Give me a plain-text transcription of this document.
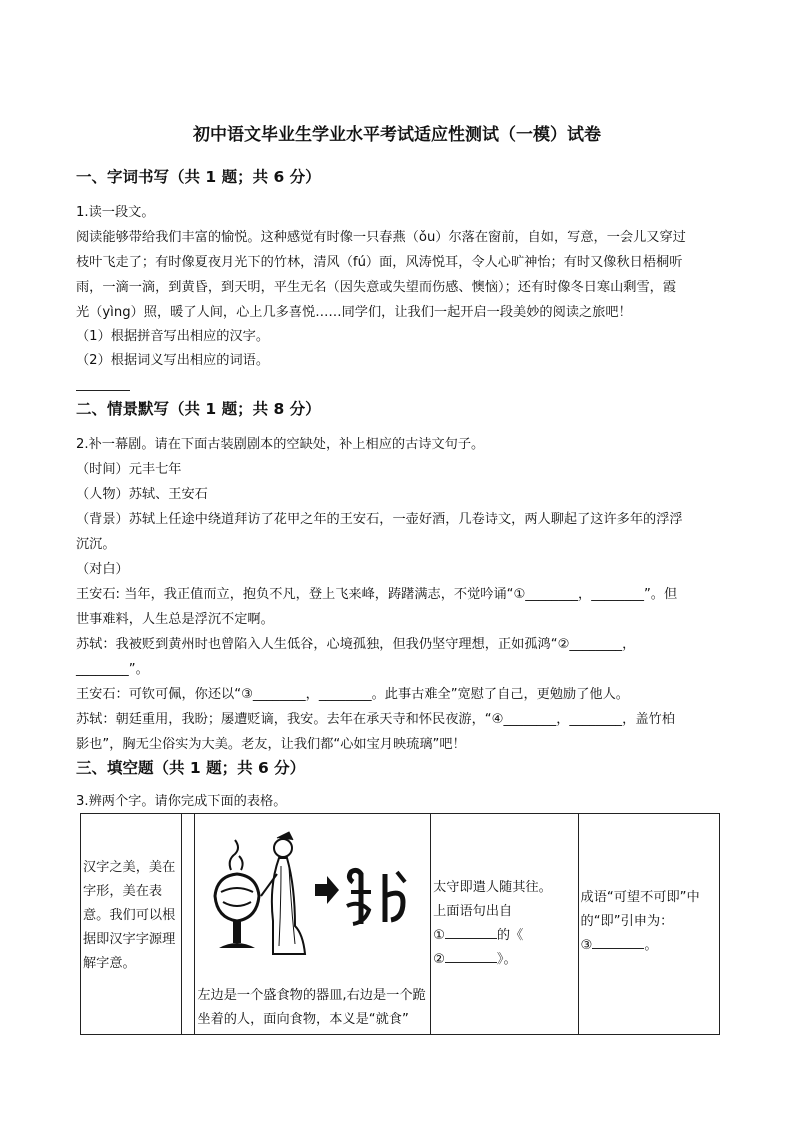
初中语文毕业生学业水平考试适应性测试（一模）试卷
一、字词书写（共 1 题；共 6 分）
1.读一段文。
阅读能够带给我们丰富的愉悦。这种感觉有时像一只春燕（ǒu）尔落在窗前，自如，写意，一会儿又穿过
枝叶飞走了；有时像夏夜月光下的竹林，清风（fú）面，风涛悦耳，令人心旷神怡；有时又像秋日梧桐听
雨，一滴一滴，到黄昏，到天明，平生无名（因失意或失望而伤感、懊恼）；还有时像冬日寒山剩雪，霞
光（yìng）照，暖了人间，心上几多喜悦……同学们，让我们一起开启一段美妙的阅读之旅吧！
（1）根据拼音写出相应的汉字。
（2）根据词义写出相应的词语。
二、情景默写（共 1 题；共 8 分）
2.补一幕剧。请在下面古装剧剧本的空缺处，补上相应的古诗文句子。
（时间）元丰七年
（人物）苏轼、王安石
（背景）苏轼上任途中绕道拜访了花甲之年的王安石，一壶好酒，几卷诗文，两人聊起了这许多年的浮浮
沉沉。
（对白）
王安石: 当年，我正值而立，抱负不凡，登上飞来峰，踌躇满志，不觉吟诵“①________，________”。但
世事难料，人生总是浮沉不定啊。
苏轼：我被贬到黄州时也曾陷入人生低谷，心境孤独，但我仍坚守理想，正如孤鸿“②________，
________”。
王安石：可钦可佩，你还以“③________，________。此事古难全”宽慰了自己，更勉励了他人。
苏轼：朝廷重用，我盼；屡遭贬谪，我安。去年在承天寺和怀民夜游，“④________，________，盖竹柏
影也”，胸无尘俗实为大美。老友，让我们都“心如宝月映琉璃”吧！
三、填空题（共 1 题；共 6 分）
3.辨两个字。请你完成下面的表格。
汉字之美，美在字形，美在表意。我们可以根据即汉字字源理解字意。

左边是一个盛食物的器皿,右边是一个跪坐着的人，面向食物，本义是“就食”

太守即遣人随其往。
上面语句出自
①	的《
②	》。

成语“可望不可即”中的“即”引申为：
③	。
